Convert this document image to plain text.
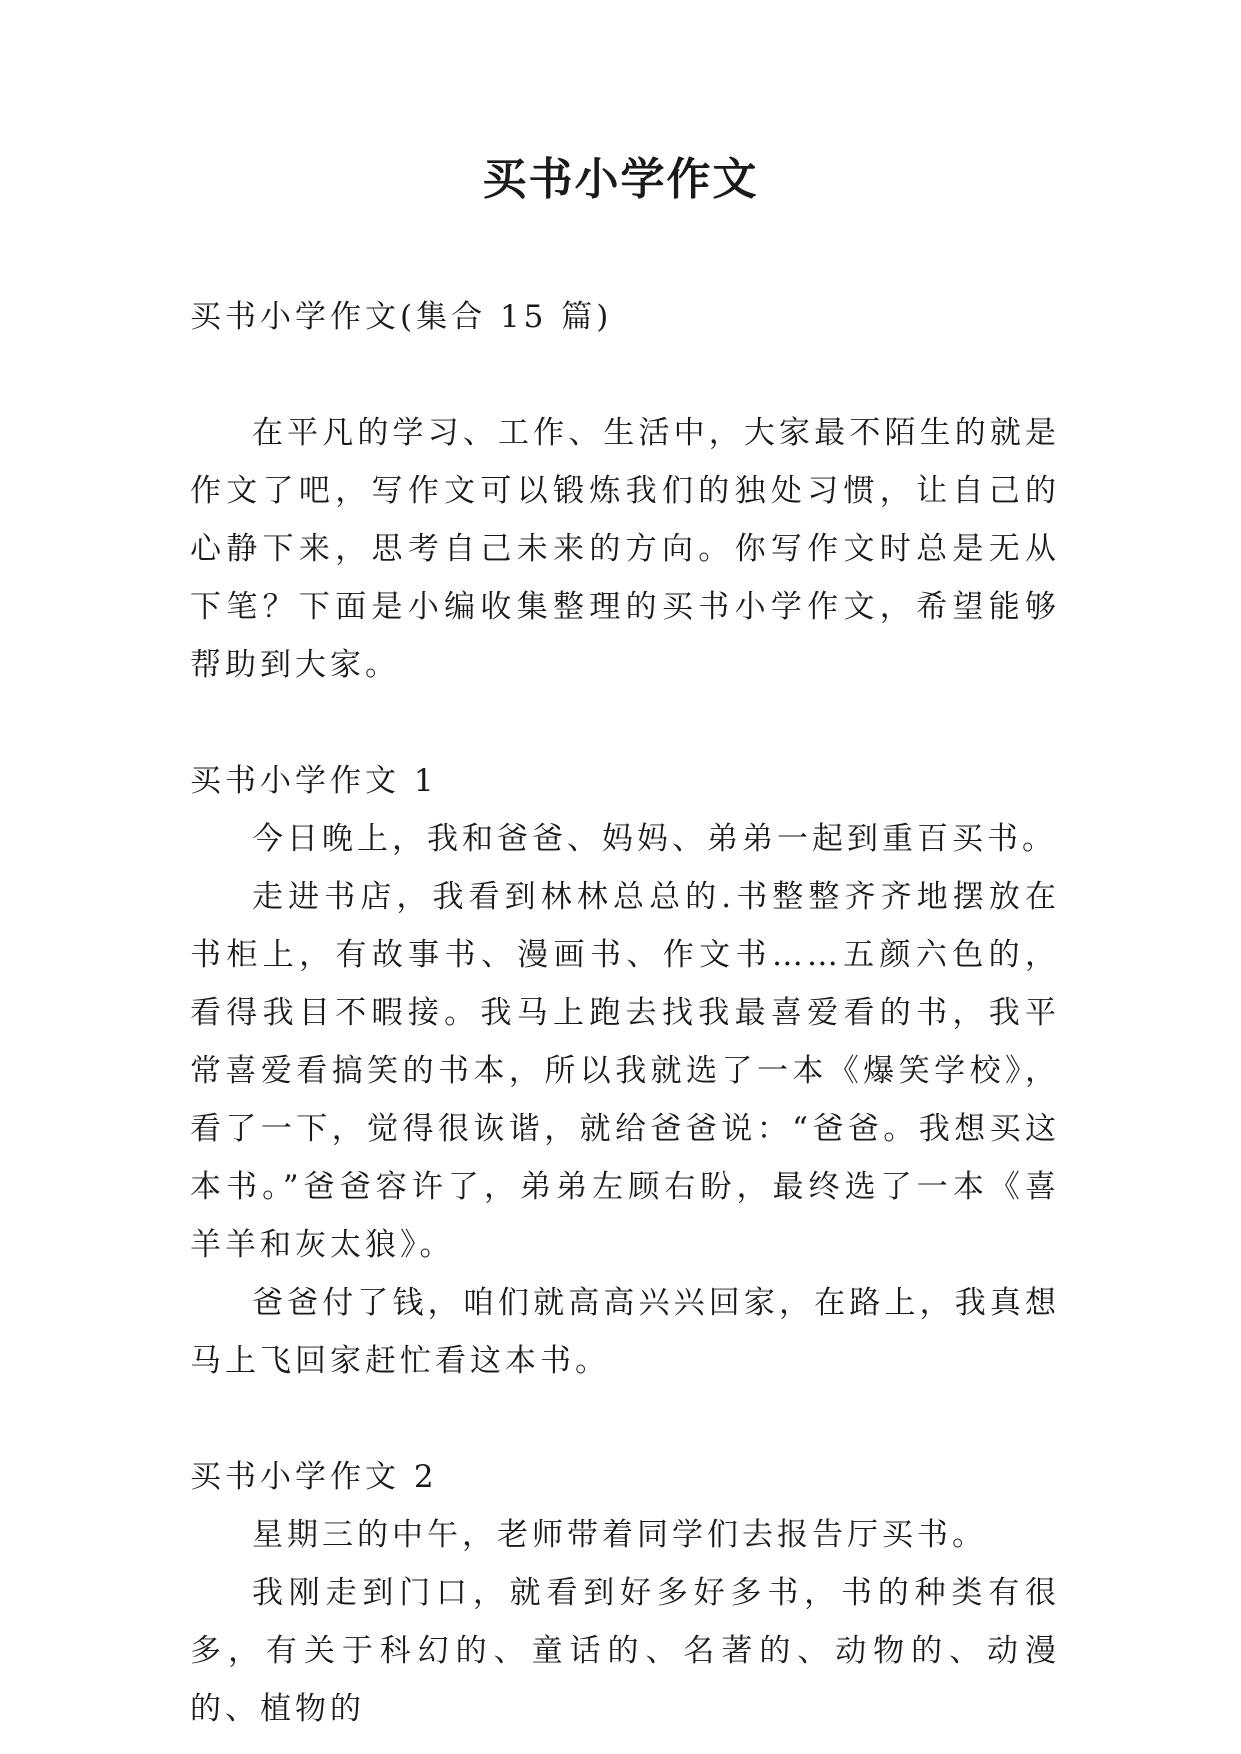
买书小学作文

买书小学作文(集合 15 篇)

在平凡的学习、工作、生活中，大家最不陌生的就是作文了吧，写作文可以锻炼我们的独处习惯，让自己的心静下来，思考自己未来的方向。你写作文时总是无从下笔？下面是小编收集整理的买书小学作文，希望能够帮助到大家。

买书小学作文 1

今日晚上，我和爸爸、妈妈、弟弟一起到重百买书。

走进书店，我看到林林总总的.书整整齐齐地摆放在书柜上，有故事书、漫画书、作文书……五颜六色的，看得我目不暇接。我马上跑去找我最喜爱看的书，我平常喜爱看搞笑的书本，所以我就选了一本《爆笑学校》，看了一下，觉得很诙谐，就给爸爸说：“爸爸。我想买这本书。”爸爸容许了，弟弟左顾右盼，最终选了一本《喜羊羊和灰太狼》。

爸爸付了钱，咱们就高高兴兴回家，在路上，我真想马上飞回家赶忙看这本书。

买书小学作文 2

星期三的中午，老师带着同学们去报告厅买书。

我刚走到门口，就看到好多好多书，书的种类有很多，有关于科幻的、童话的、名著的、动物的、动漫的、植物的
